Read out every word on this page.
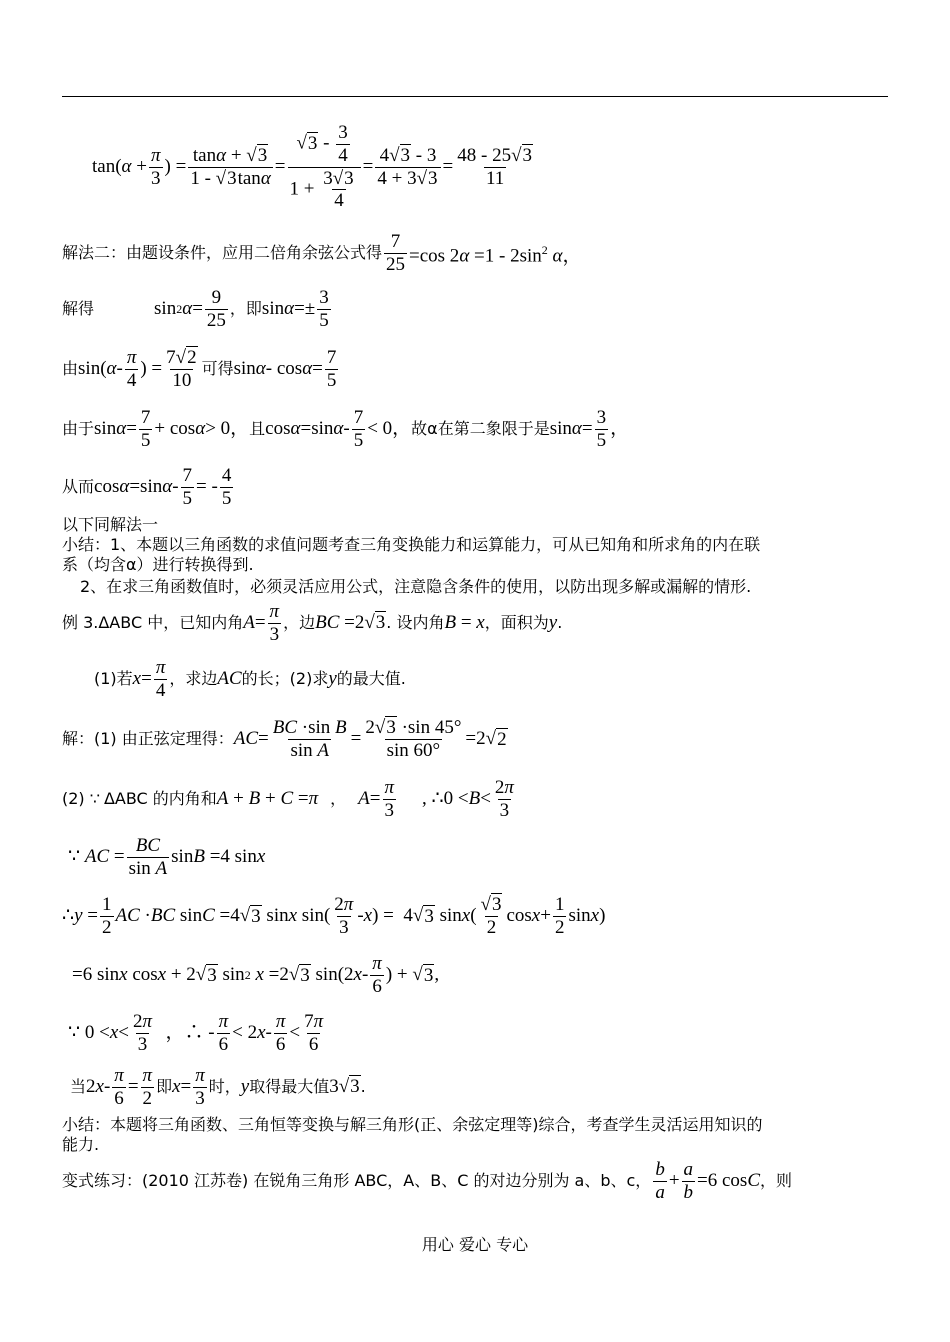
$\tan(\alpha + \frac{\pi}{3}$ ) = $\frac{\tan\alpha + √3}{1 - √3\tan\alpha} = \frac{√3 - \frac{3}{4}}{1 + \frac{3√3}{4}} = \frac{4√3 - 3}{4 + 3√3} = \frac{48 - 25√3}{11}$
解法二：由题设条件，应用二倍角余弦公式得 $\frac{7}{25} =\cos$ $2\alpha =1 - 2\sin^2$ α，
解得	sin 2 $\alpha = \frac{9}{25}$ ，即 $\sin \alpha =\pm \frac{3}{5}$
由 sin( α - $\frac{\pi}{4}$ ) = $\frac{7√2}{10}$ 可得 $\sin \alpha - \cos \alpha = \frac{7}{5}$
由于 $\sin \alpha = \frac{7}{5} + \cos \alpha > 0$， 且 cos α =sin $\alpha - \frac{7}{5} < 0$， 故α在第二象限于是 $\sin \alpha = \frac{3}{5}$ ，
从而 cos α =sin α - $\frac{7}{5}$ = - $\frac{4}{5}$
以下同解法一
小结：1、本题以三角函数的求值问题考查三角变换能力和运算能力，可从已知角和所求角的内在联
系（均含α）进行转换得到.
2、在求三角函数值时，必须灵活应用公式，注意隐含条件的使用，以防出现多解或漏解的情形.
例 3. ΔABC 中，已知内角 $A = \frac{\pi}{3}$ ，边 BC =2√3 . 设内角 B = x ，面积为 y .
(1)若 $x = \frac{\pi}{4}$ ，求边 AC 的长；(2)求 y 的最大值.
解：(1) 由正弦定理得： AC = $\frac{\text{BC ·sin B}}{\text{sin A}} = \frac{2√3 \cdot\sin 45^\circ}{\sin 60^\circ} =2√$ 2
(2) ∵ ΔABC 的内角和 A + B + C =π ， $A = \frac{\pi}{3}$ , ∴0 < $B < \frac{2\pi}{3}$
∵ AC = $\frac{BC}{\text{sin A}}$ sin B =4 sin x
∴ $y = \frac{1}{2}$ AC · BC sin C =4√ 3 sin x $\sin( \frac{2\pi}{3}$ - x ) =  4√ 3 sin x ( $\frac{√3}{2}$ $\cos x + \frac{1}{2}$ sin x )
=6 sin x cos x + 2√ 3 sin 2
x =2√ 3 sin(2 x - $\frac{\pi}{6}$ ) + √ 3 ,
∵ $0 < x < \frac{2\pi}{3}$ ，∴ - $\frac{\pi}{6} < 2$ $x - \frac{\pi}{6} < \frac{7\pi}{6}$
当 2 $x - \frac{\pi}{6} = \frac{\pi}{2}$ 即 $x = \frac{\pi}{3}$ 时， y 取得最大值 3√3 .
小结：本题将三角函数、三角恒等变换与解三角形(正、余弦定理等)综合，考查学生灵活运用知识的
能力.
变式练习：(2010 江苏卷) 在锐角三角形 ABC，A、B、C 的对边分别为 a、b、c， $\frac{b}{a} + \frac{a}{b} =6$ cos C ，则
用心 爱心 专心
